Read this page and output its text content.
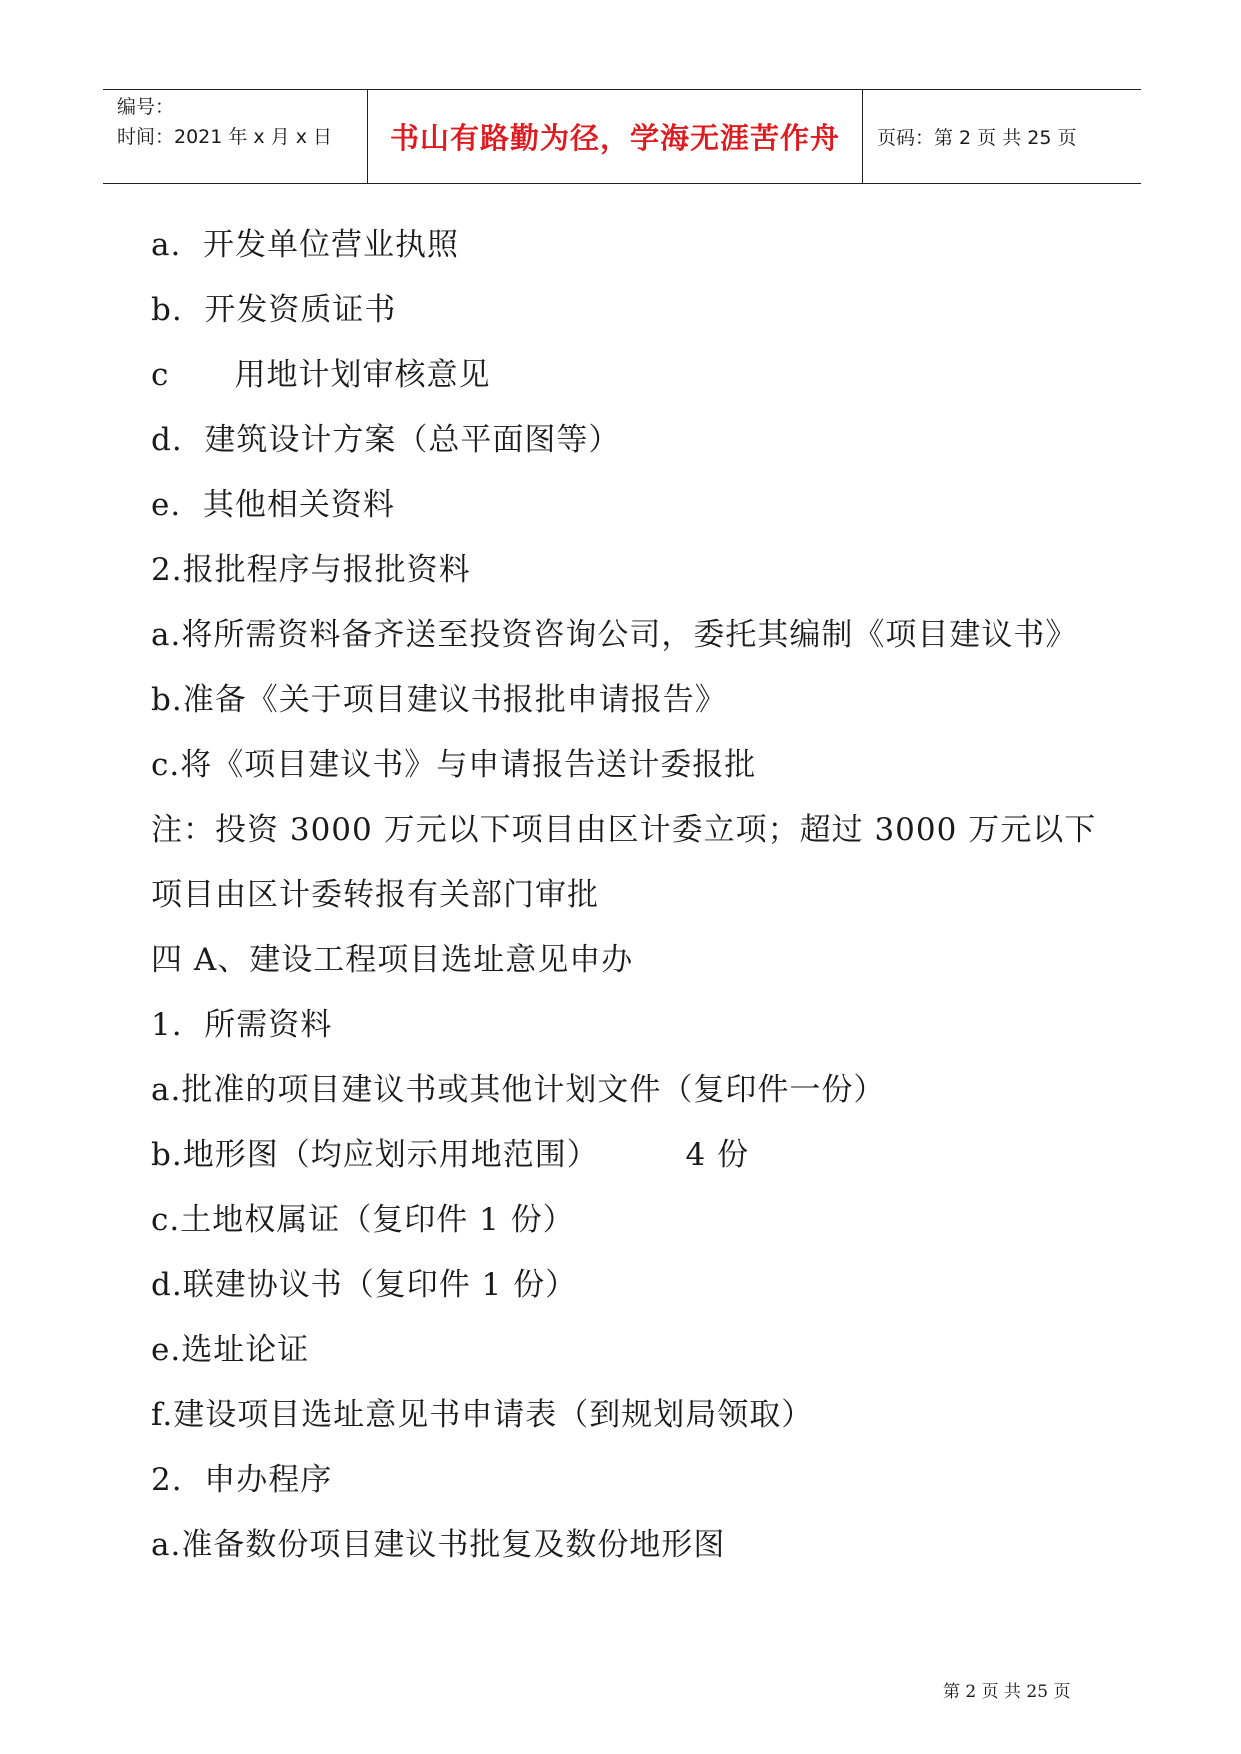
编号：
时间：2021 年 x 月 x 日 书山有路勤为径，学海无涯苦作舟 页码：第 2 页 共 25 页
a.  开发单位营业执照
b.  开发资质证书
c      用地计划审核意见
d.  建筑设计方案（总平面图等）
e.  其他相关资料
2.报批程序与报批资料
a.将所需资料备齐送至投资咨询公司，委托其编制《项目建议书》
b.准备《关于项目建议书报批申请报告》
c.将《项目建议书》与申请报告送计委报批
注：投资 3000 万元以下项目由区计委立项；超过 3000 万元以下
项目由区计委转报有关部门审批
四 A、建设工程项目选址意见申办
1.  所需资料
a.批准的项目建议书或其他计划文件（复印件一份）
b.地形图（均应划示用地范围）        4 份
c.土地权属证（复印件 1 份）
d.联建协议书（复印件 1 份）
e.选址论证
f.建设项目选址意见书申请表（到规划局领取）
2.  申办程序
a.准备数份项目建议书批复及数份地形图
第 2 页 共 25 页
